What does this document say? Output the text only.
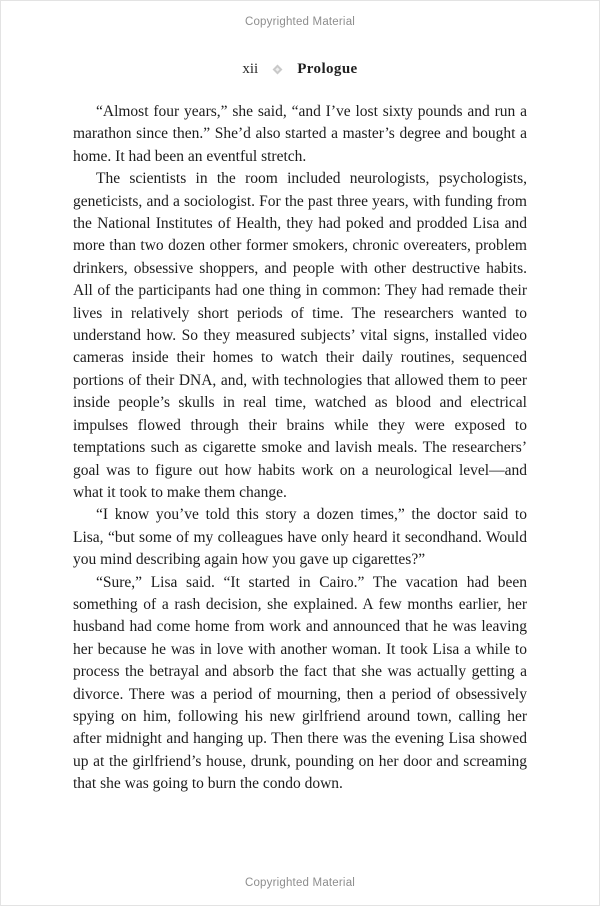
Copyrighted Material
xii	Prologue

“Almost four years,” she said, “and I’ve lost sixty pounds and run a marathon since then.” She’d also started a master’s degree and bought a home. It had been an eventful stretch.

The scientists in the room included neurologists, psychologists, geneticists, and a sociologist. For the past three years, with funding from the National Institutes of Health, they had poked and prodded Lisa and more than two dozen other former smokers, chronic overeaters, problem drinkers, obsessive shoppers, and people with other destructive habits. All of the participants had one thing in common: They had remade their lives in relatively short periods of time. The researchers wanted to understand how. So they measured subjects’ vital signs, installed video cameras inside their homes to watch their daily routines, sequenced portions of their DNA, and, with technologies that allowed them to peer inside people’s skulls in real time, watched as blood and electrical impulses flowed through their brains while they were exposed to temptations such as cigarette smoke and lavish meals. The researchers’ goal was to figure out how habits work on a neurological level—and what it took to make them change.

“I know you’ve told this story a dozen times,” the doctor said to Lisa, “but some of my colleagues have only heard it secondhand. Would you mind describing again how you gave up cigarettes?”

“Sure,” Lisa said. “It started in Cairo.” The vacation had been something of a rash decision, she explained. A few months earlier, her husband had come home from work and announced that he was leaving her because he was in love with another woman. It took Lisa a while to process the betrayal and absorb the fact that she was actually getting a divorce. There was a period of mourning, then a period of obsessively spying on him, following his new girlfriend around town, calling her after midnight and hanging up. Then there was the evening Lisa showed up at the girlfriend’s house, drunk, pounding on her door and screaming that she was going to burn the condo down.

Copyrighted Material
